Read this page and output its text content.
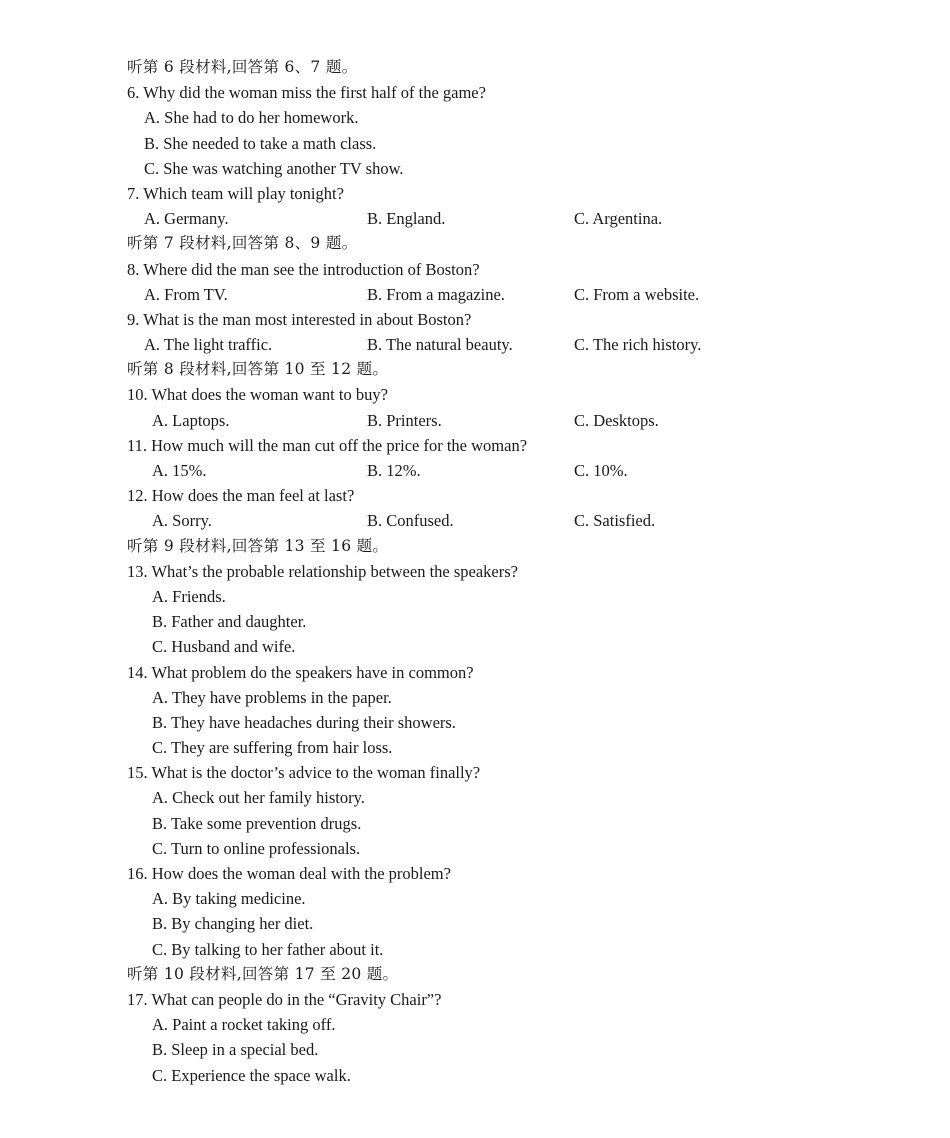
听第 6 段材料,回答第 6、7 题。
6. Why did the woman miss the first half of the game?
A. She had to do her homework.
B. She needed to take a math class.
C. She was watching another TV show.
7. Which team will play tonight?
A. Germany.	B. England.	C. Argentina.
听第 7 段材料,回答第 8、9 题。
8. Where did the man see the introduction of Boston?
A. From TV.	B. From a magazine.	C. From a website.
9. What is the man most interested in about Boston?
A. The light traffic.	B. The natural beauty.	C. The rich history.
听第 8 段材料,回答第 10 至 12 题。
10. What does the woman want to buy?
A. Laptops.	B. Printers.	C. Desktops.
11. How much will the man cut off the price for the woman?
A. 15%.	B. 12%.	C. 10%.
12. How does the man feel at last?
A. Sorry.	B. Confused.	C. Satisfied.
听第 9 段材料,回答第 13 至 16 题。
13. What’s the probable relationship between the speakers?
A. Friends.
B. Father and daughter.
C. Husband and wife.
14. What problem do the speakers have in common?
A. They have problems in the paper.
B. They have headaches during their showers.
C. They are suffering from hair loss.
15. What is the doctor’s advice to the woman finally?
A. Check out her family history.
B. Take some prevention drugs.
C. Turn to online professionals.
16. How does the woman deal with the problem?
A. By taking medicine.
B. By changing her diet.
C. By talking to her father about it.
听第 10 段材料,回答第 17 至 20 题。
17. What can people do in the “Gravity Chair”?
A. Paint a rocket taking off.
B. Sleep in a special bed.
C. Experience the space walk.
